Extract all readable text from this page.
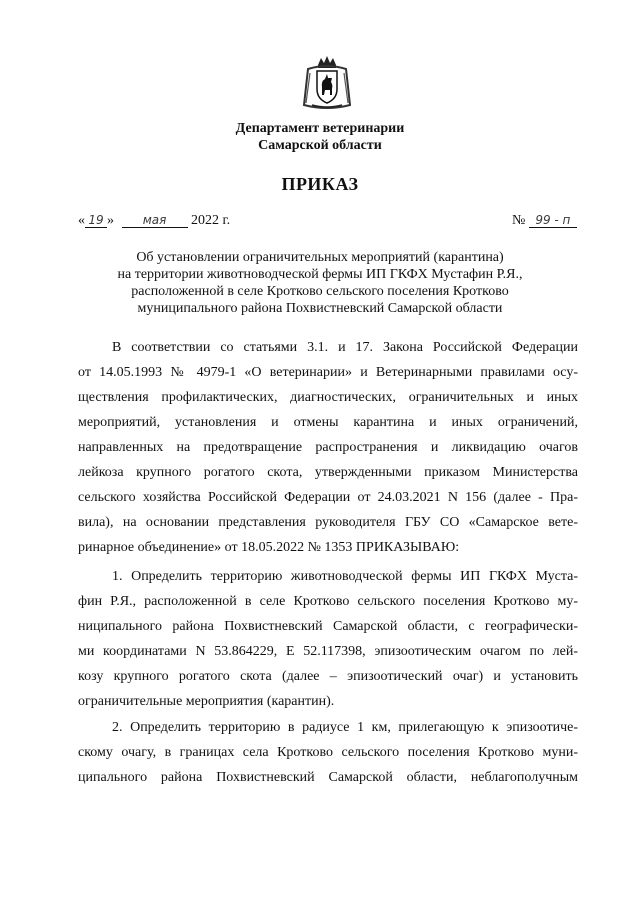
Департамент ветеринарии
Самарской области
ПРИКАЗ
« 19 » мая 2022 г.	№ 99 - п
Об установлении ограничительных мероприятий (карантина)
на территории животноводческой фермы ИП ГКФХ Мустафин Р.Я.,
расположенной в селе Кротково сельского поселения Кротково
муниципального района Похвистневский Самарской области
В соответствии со статьями 3.1. и 17. Закона Российской Федерации
от 14.05.1993 № 4979-1 «О ветеринарии» и Ветеринарными правилами осу-
ществления профилактических, диагностических, ограничительных и иных
мероприятий, установления и отмены карантина и иных ограничений,
направленных на предотвращение распространения и ликвидацию очагов
лейкоза крупного рогатого скота, утвержденными приказом Министерства
сельского хозяйства Российской Федерации от 24.03.2021 N 156 (далее - Пра-
вила), на основании представления руководителя ГБУ СО «Самарское вете-
ринарное объединение» от 18.05.2022 № 1353 ПРИКАЗЫВАЮ:
1. Определить территорию животноводческой фермы ИП ГКФХ Муста-
фин Р.Я., расположенной в селе Кротково сельского поселения Кротково му-
ниципального района Похвистневский Самарской области, с географически-
ми координатами N 53.864229, E 52.117398, эпизоотическим очагом по лей-
козу крупного рогатого скота (далее – эпизоотический очаг) и установить
ограничительные мероприятия (карантин).
2. Определить территорию в радиусе 1 км, прилегающую к эпизоотиче-
скому очагу, в границах села Кротково сельского поселения Кротково муни-
ципального района Похвистневский Самарской области, неблагополучным
